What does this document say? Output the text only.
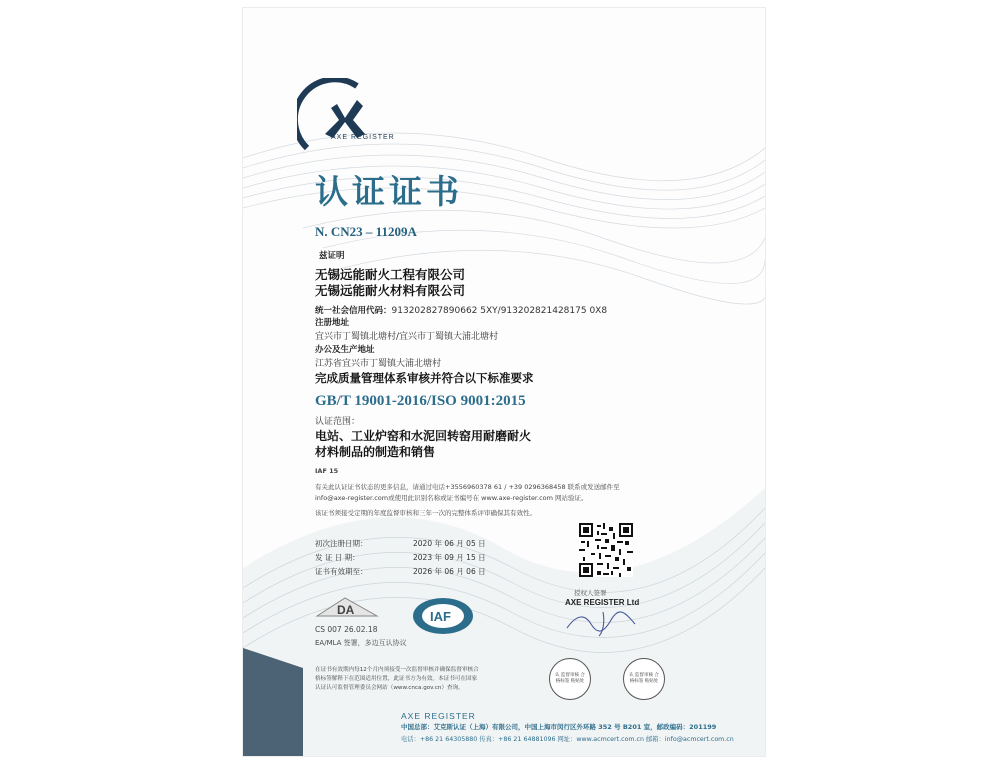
AXE REGISTER
认证证书
N. CN23 – 11209A
兹证明
无锡远能耐火工程有限公司
无锡远能耐火材料有限公司
统一社会信用代码：913202827890662 5XY/913202821428175 0X8
注册地址
宜兴市丁蜀镇北塘村/宜兴市丁蜀镇大浦北塘村
办公及生产地址
江苏省宜兴市丁蜀镇大浦北塘村
完成质量管理体系审核并符合以下标准要求
GB/T 19001-2016/ISO 9001:2015
认证范围：
电站、工业炉窑和水泥回转窑用耐磨耐火
材料制品的制造和销售
IAF 15
有关此认证证书状态的更多信息，请通过电话+3556960378 61 / +39 0296368458 联系或发送邮件至
info@axe-register.com或使用此识别名称或证书编号在 www.axe-register.com 网站验证。
该证书须接受定期的年度监督审核和三年一次的完整体系评审确保其有效性。
初次注册日期：	2020 年 06 月 05 日
发 证 日 期：	2023 年 09 月 15 日
证书有效期至：	2026 年 06 月 06 日
授权人签署
AXE REGISTER Ltd
DA
CS 007 26.02.18
IAF
EA/MLA 签署，多边互认协议
在证书有效期内每12个月内须接受一次监督审核并确保监督审核合
格标签解释下在范围适用位置，此证书方为有效。本证书可在国家
认证认可监督管理委员会网站（www.cnca.gov.cn）查询。
认 监督审核 合格标签 贴贴处
认 监督审核 合格标签 贴贴处
AXE REGISTER
中国总部：艾克斯认证（上海）有限公司，中国上海市闵行区外环路 352 号 B201 室，邮政编码：201199
电话：+86 21 64305880 传真：+86 21 64881096 网址：www.acmcert.com.cn 邮箱：info@acmcert.com.cn
